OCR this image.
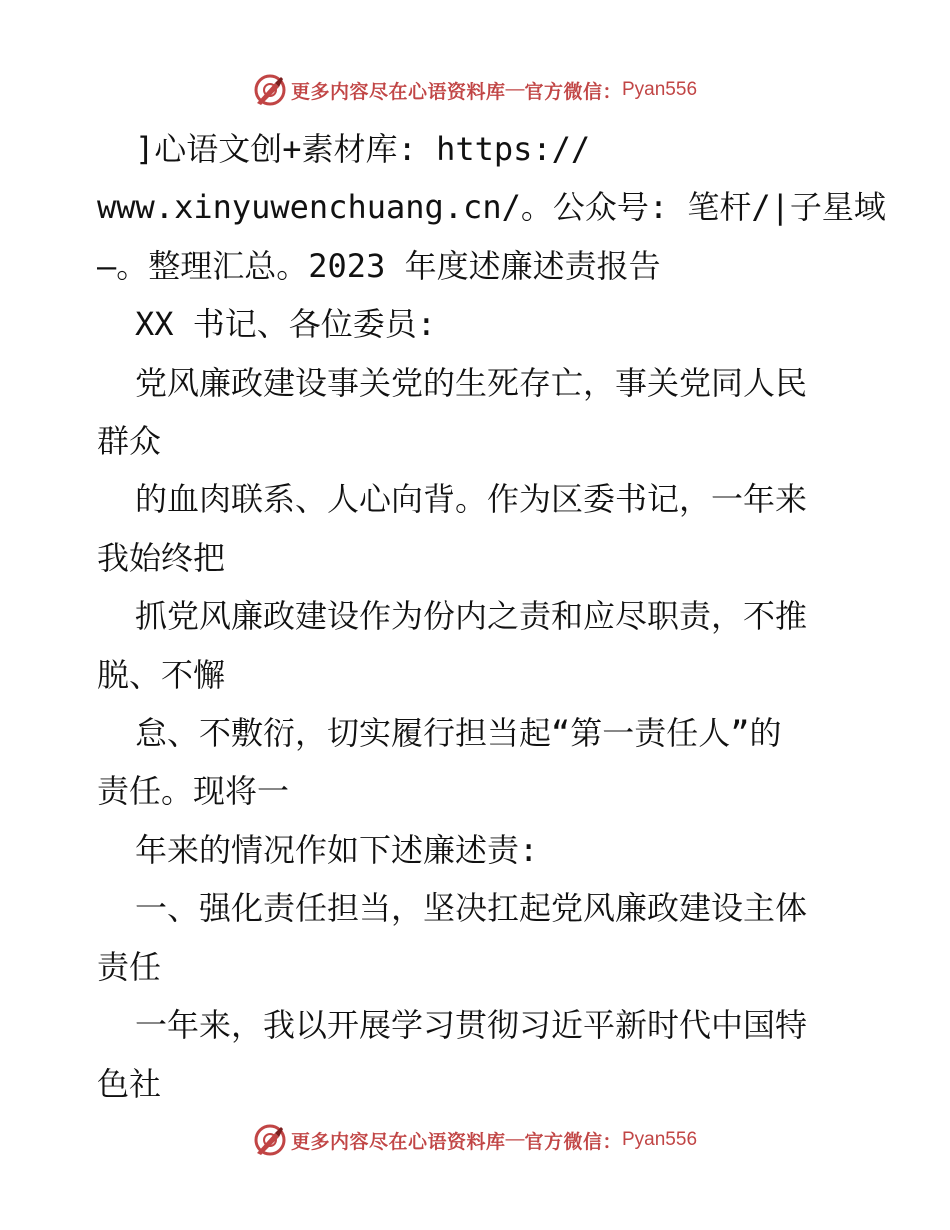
更多内容尽在心语资料库 — 官方微信： Pyan556

]心语文创+素材库: https://

www.xinyuwenchuang.cn/。公众号: 笔杆/|子星域

—。整理汇总。2023 年度述廉述责报告

XX 书记、各位委员:

党风廉政建设事关党的生死存亡，事关党同人民

群众

的血肉联系、人心向背。作为区委书记，一年来

我始终把

抓党风廉政建设作为份内之责和应尽职责，不推

脱、不懈

怠、不敷衍，切实履行担当起“第一责任人”的

责任。现将一

年来的情况作如下述廉述责:

一、强化责任担当，坚决扛起党风廉政建设主体

责任

一年来，我以开展学习贯彻习近平新时代中国特

色社

更多内容尽在心语资料库 — 官方微信： Pyan556
